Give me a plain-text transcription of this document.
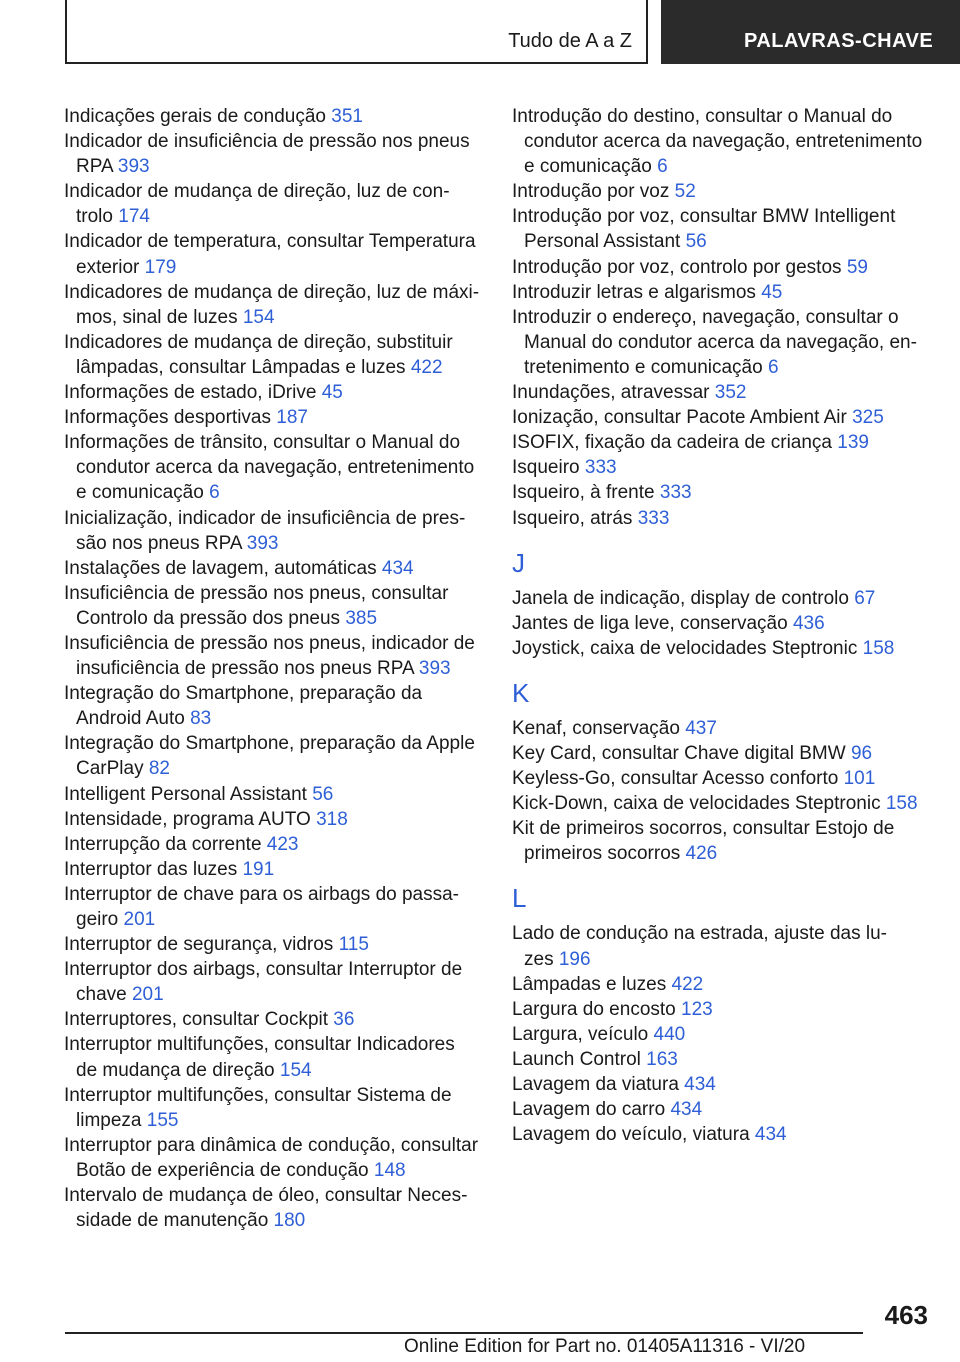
Tudo de A a Z	PALAVRAS-CHAVE
Indicações gerais de condução 351
Indicador de insuficiência de pressão nos pneus
RPA 393
Indicador de mudança de direção, luz de con-
trolo 174
Indicador de temperatura, consultar Temperatura
exterior 179
Indicadores de mudança de direção, luz de máxi-
mos, sinal de luzes 154
Indicadores de mudança de direção, substituir
lâmpadas, consultar Lâmpadas e luzes 422
Informações de estado, iDrive 45
Informações desportivas 187
Informações de trânsito, consultar o Manual do
condutor acerca da navegação, entretenimento
e comunicação 6
Inicialização, indicador de insuficiência de pres-
são nos pneus RPA 393
Instalações de lavagem, automáticas 434
Insuficiência de pressão nos pneus, consultar
Controlo da pressão dos pneus 385
Insuficiência de pressão nos pneus, indicador de
insuficiência de pressão nos pneus RPA 393
Integração do Smartphone, preparação da
Android Auto 83
Integração do Smartphone, preparação da Apple
CarPlay 82
Intelligent Personal Assistant 56
Intensidade, programa AUTO 318
Interrupção da corrente 423
Interruptor das luzes 191
Interruptor de chave para os airbags do passa-
geiro 201
Interruptor de segurança, vidros 115
Interruptor dos airbags, consultar Interruptor de
chave 201
Interruptores, consultar Cockpit 36
Interruptor multifunções, consultar Indicadores
de mudança de direção 154
Interruptor multifunções, consultar Sistema de
limpeza 155
Interruptor para dinâmica de condução, consultar
Botão de experiência de condução 148
Intervalo de mudança de óleo, consultar Neces-
sidade de manutenção 180
Introdução do destino, consultar o Manual do
condutor acerca da navegação, entretenimento
e comunicação 6
Introdução por voz 52
Introdução por voz, consultar BMW Intelligent
Personal Assistant 56
Introdução por voz, controlo por gestos 59
Introduzir letras e algarismos 45
Introduzir o endereço, navegação, consultar o
Manual do condutor acerca da navegação, en-
tretenimento e comunicação 6
Inundações, atravessar 352
Ionização, consultar Pacote Ambient Air 325
ISOFIX, fixação da cadeira de criança 139
Isqueiro 333
Isqueiro, à frente 333
Isqueiro, atrás 333
J
Janela de indicação, display de controlo 67
Jantes de liga leve, conservação 436
Joystick, caixa de velocidades Steptronic 158
K
Kenaf, conservação 437
Key Card, consultar Chave digital BMW 96
Keyless-Go, consultar Acesso conforto 101
Kick-Down, caixa de velocidades Steptronic 158
Kit de primeiros socorros, consultar Estojo de
primeiros socorros 426
L
Lado de condução na estrada, ajuste das lu-
zes 196
Lâmpadas e luzes 422
Largura do encosto 123
Largura, veículo 440
Launch Control 163
Lavagem da viatura 434
Lavagem do carro 434
Lavagem do veículo, viatura 434
463
Online Edition for Part no. 01405A11316 - VI/20
